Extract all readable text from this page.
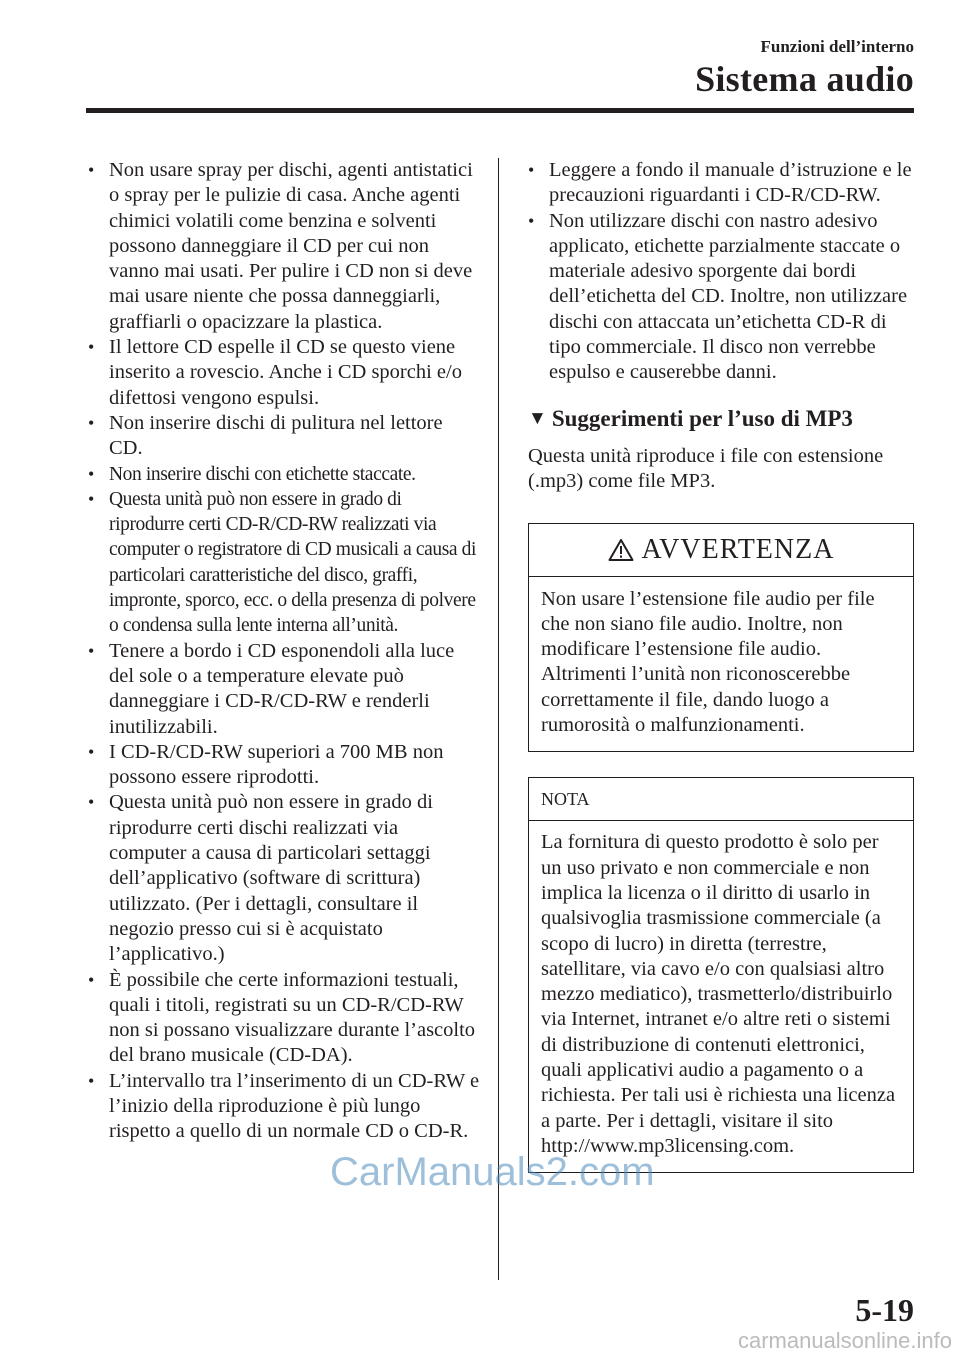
Funzioni dell’interno
Sistema audio
• Non usare spray per dischi, agenti antistatici o spray per le pulizie di casa. Anche agenti chimici volatili come benzina e solventi possono danneggiare il CD per cui non vanno mai usati. Per pulire i CD non si deve mai usare niente che possa danneggiarli, graffiarli o opacizzare la plastica.
• Il lettore CD espelle il CD se questo viene inserito a rovescio. Anche i CD sporchi e/o difettosi vengono espulsi.
• Non inserire dischi di pulitura nel lettore CD.
• Non inserire dischi con etichette staccate.
• Questa unità può non essere in grado di riprodurre certi CD-R/CD-RW realizzati via computer o registratore di CD musicali a causa di particolari caratteristiche del disco, graffi, impronte, sporco, ecc. o della presenza di polvere o condensa sulla lente interna all’unità.
• Tenere a bordo i CD esponendoli alla luce del sole o a temperature elevate può danneggiare i CD-R/CD-RW e renderli inutilizzabili.
• I CD-R/CD-RW superiori a 700 MB non possono essere riprodotti.
• Questa unità può non essere in grado di riprodurre certi dischi realizzati via computer a causa di particolari settaggi dell’applicativo (software di scrittura) utilizzato. (Per i dettagli, consultare il negozio presso cui si è acquistato l’applicativo.)
• È possibile che certe informazioni testuali, quali i titoli, registrati su un CD-R/CD-RW non si possano visualizzare durante l’ascolto del brano musicale (CD-DA).
• L’intervallo tra l’inserimento di un CD-RW e l’inizio della riproduzione è più lungo rispetto a quello di un normale CD o CD-R.
• Leggere a fondo il manuale d’istruzione e le precauzioni riguardanti i CD-R/CD-RW.
• Non utilizzare dischi con nastro adesivo applicato, etichette parzialmente staccate o materiale adesivo sporgente dai bordi dell’etichetta del CD. Inoltre, non utilizzare dischi con attaccata un’etichetta CD-R di tipo commerciale. Il disco non verrebbe espulso e causerebbe danni.
▼ Suggerimenti per l’uso di MP3
Questa unità riproduce i file con estensione (.mp3) come file MP3.
AVVERTENZA
Non usare l’estensione file audio per file che non siano file audio. Inoltre, non modificare l’estensione file audio. Altrimenti l’unità non riconoscerebbe correttamente il file, dando luogo a rumorosità o malfunzionamenti.
NOTA
La fornitura di questo prodotto è solo per un uso privato e non commerciale e non implica la licenza o il diritto di usarlo in qualsivoglia trasmissione commerciale (a scopo di lucro) in diretta (terrestre, satellitare, via cavo e/o con qualsiasi altro mezzo mediatico), trasmetterlo/distribuirlo via Internet, intranet e/o altre reti o sistemi di distribuzione di contenuti elettronici, quali applicativi audio a pagamento o a richiesta. Per tali usi è richiesta una licenza a parte. Per i dettagli, visitare il sito http://www.mp3licensing.com.
5-19
CarManuals2.com
carmanualsonline.info
